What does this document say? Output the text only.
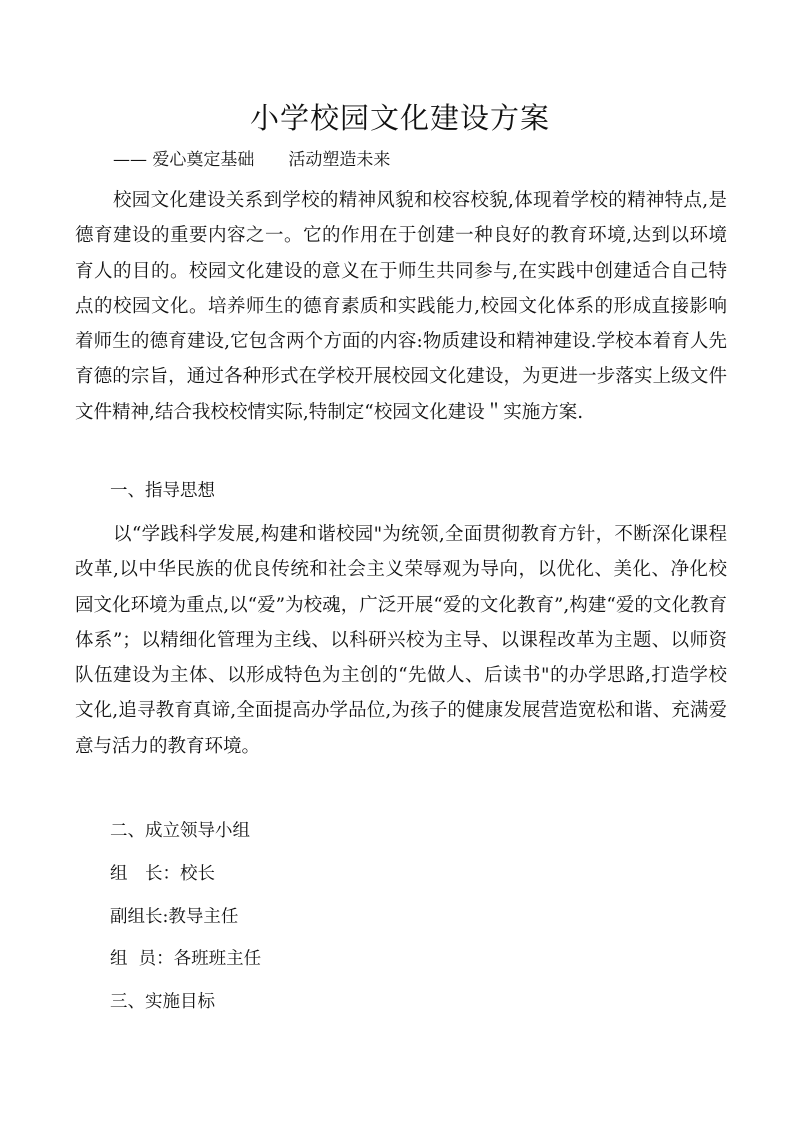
小学校园文化建设方案
—— 爱心奠定基础　　活动塑造未来
校园文化建设关系到学校的精神风貌和校容校貌,体现着学校的精神特点,是德育建设的重要内容之一。它的作用在于创建一种良好的教育环境,达到以环境育人的目的。校园文化建设的意义在于师生共同参与,在实践中创建适合自己特点的校园文化。培养师生的德育素质和实践能力,校园文化体系的形成直接影响着师生的德育建设,它包含两个方面的内容:物质建设和精神建设.学校本着育人先育德的宗旨，通过各种形式在学校开展校园文化建设，为更进一步落实上级文件文件精神,结合我校校情实际,特制定“校园文化建设＂实施方案.
一、指导思想
以“学践科学发展,构建和谐校园"为统领,全面贯彻教育方针，不断深化课程改革,以中华民族的优良传统和社会主义荣辱观为导向，以优化、美化、净化校园文化环境为重点,以“爱”为校魂，广泛开展“爱的文化教育”,构建“爱的文化教育体系”；以精细化管理为主线、以科研兴校为主导、以课程改革为主题、以师资队伍建设为主体、以形成特色为主创的“先做人、后读书"的办学思路,打造学校文化,追寻教育真谛,全面提高办学品位,为孩子的健康发展营造宽松和谐、充满爱意与活力的教育环境。
二、成立领导小组
组　长：校长
副组长:教导主任
组  员：各班班主任
三、实施目标
